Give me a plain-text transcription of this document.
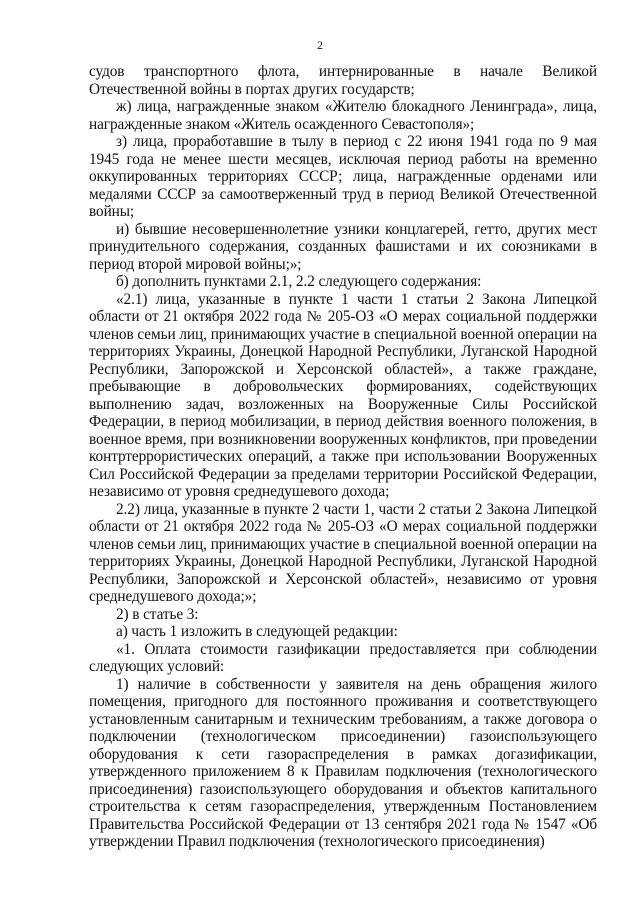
2

судов транспортного флота, интернированные в начале Великой Отечественной войны в портах других государств;

ж) лица, награжденные знаком «Жителю блокадного Ленинграда», лица, награжденные знаком «Житель осажденного Севастополя»;

з) лица, проработавшие в тылу в период с 22 июня 1941 года по 9 мая 1945 года не менее шести месяцев, исключая период работы на временно оккупированных территориях СССР; лица, награжденные орденами или медалями СССР за самоотверженный труд в период Великой Отечественной войны;

и) бывшие несовершеннолетние узники концлагерей, гетто, других мест принудительного содержания, созданных фашистами и их союзниками в период второй мировой войны;»;

б) дополнить пунктами 2.1, 2.2 следующего содержания:

«2.1) лица, указанные в пункте 1 части 1 статьи 2 Закона Липецкой области от 21 октября 2022 года № 205-ОЗ «О мерах социальной поддержки членов семьи лиц, принимающих участие в специальной военной операции на территориях Украины, Донецкой Народной Республики, Луганской Народной Республики, Запорожской и Херсонской областей», а также граждане, пребывающие в добровольческих формированиях, содействующих выполнению задач, возложенных на Вооруженные Силы Российской Федерации, в период мобилизации, в период действия военного положения, в военное время, при возникновении вооруженных конфликтов, при проведении контртеррористических операций, а также при использовании Вооруженных Сил Российской Федерации за пределами территории Российской Федерации, независимо от уровня среднедушевого дохода;

2.2) лица, указанные в пункте 2 части 1, части 2 статьи 2 Закона Липецкой области от 21 октября 2022 года № 205-ОЗ «О мерах социальной поддержки членов семьи лиц, принимающих участие в специальной военной операции на территориях Украины, Донецкой Народной Республики, Луганской Народной Республики, Запорожской и Херсонской областей», независимо от уровня среднедушевого дохода;»;

2) в статье 3:

а) часть 1 изложить в следующей редакции:

«1. Оплата стоимости газификации предоставляется при соблюдении следующих условий:

1) наличие в собственности у заявителя на день обращения жилого помещения, пригодного для постоянного проживания и соответствующего установленным санитарным и техническим требованиям, а также договора о подключении (технологическом присоединении) газоиспользующего оборудования к сети газораспределения в рамках догазификации, утвержденного приложением 8 к Правилам подключения (технологического присоединения) газоиспользующего оборудования и объектов капитального строительства к сетям газораспределения, утвержденным Постановлением Правительства Российской Федерации от 13 сентября 2021 года № 1547 «Об утверждении Правил подключения (технологического присоединения)
